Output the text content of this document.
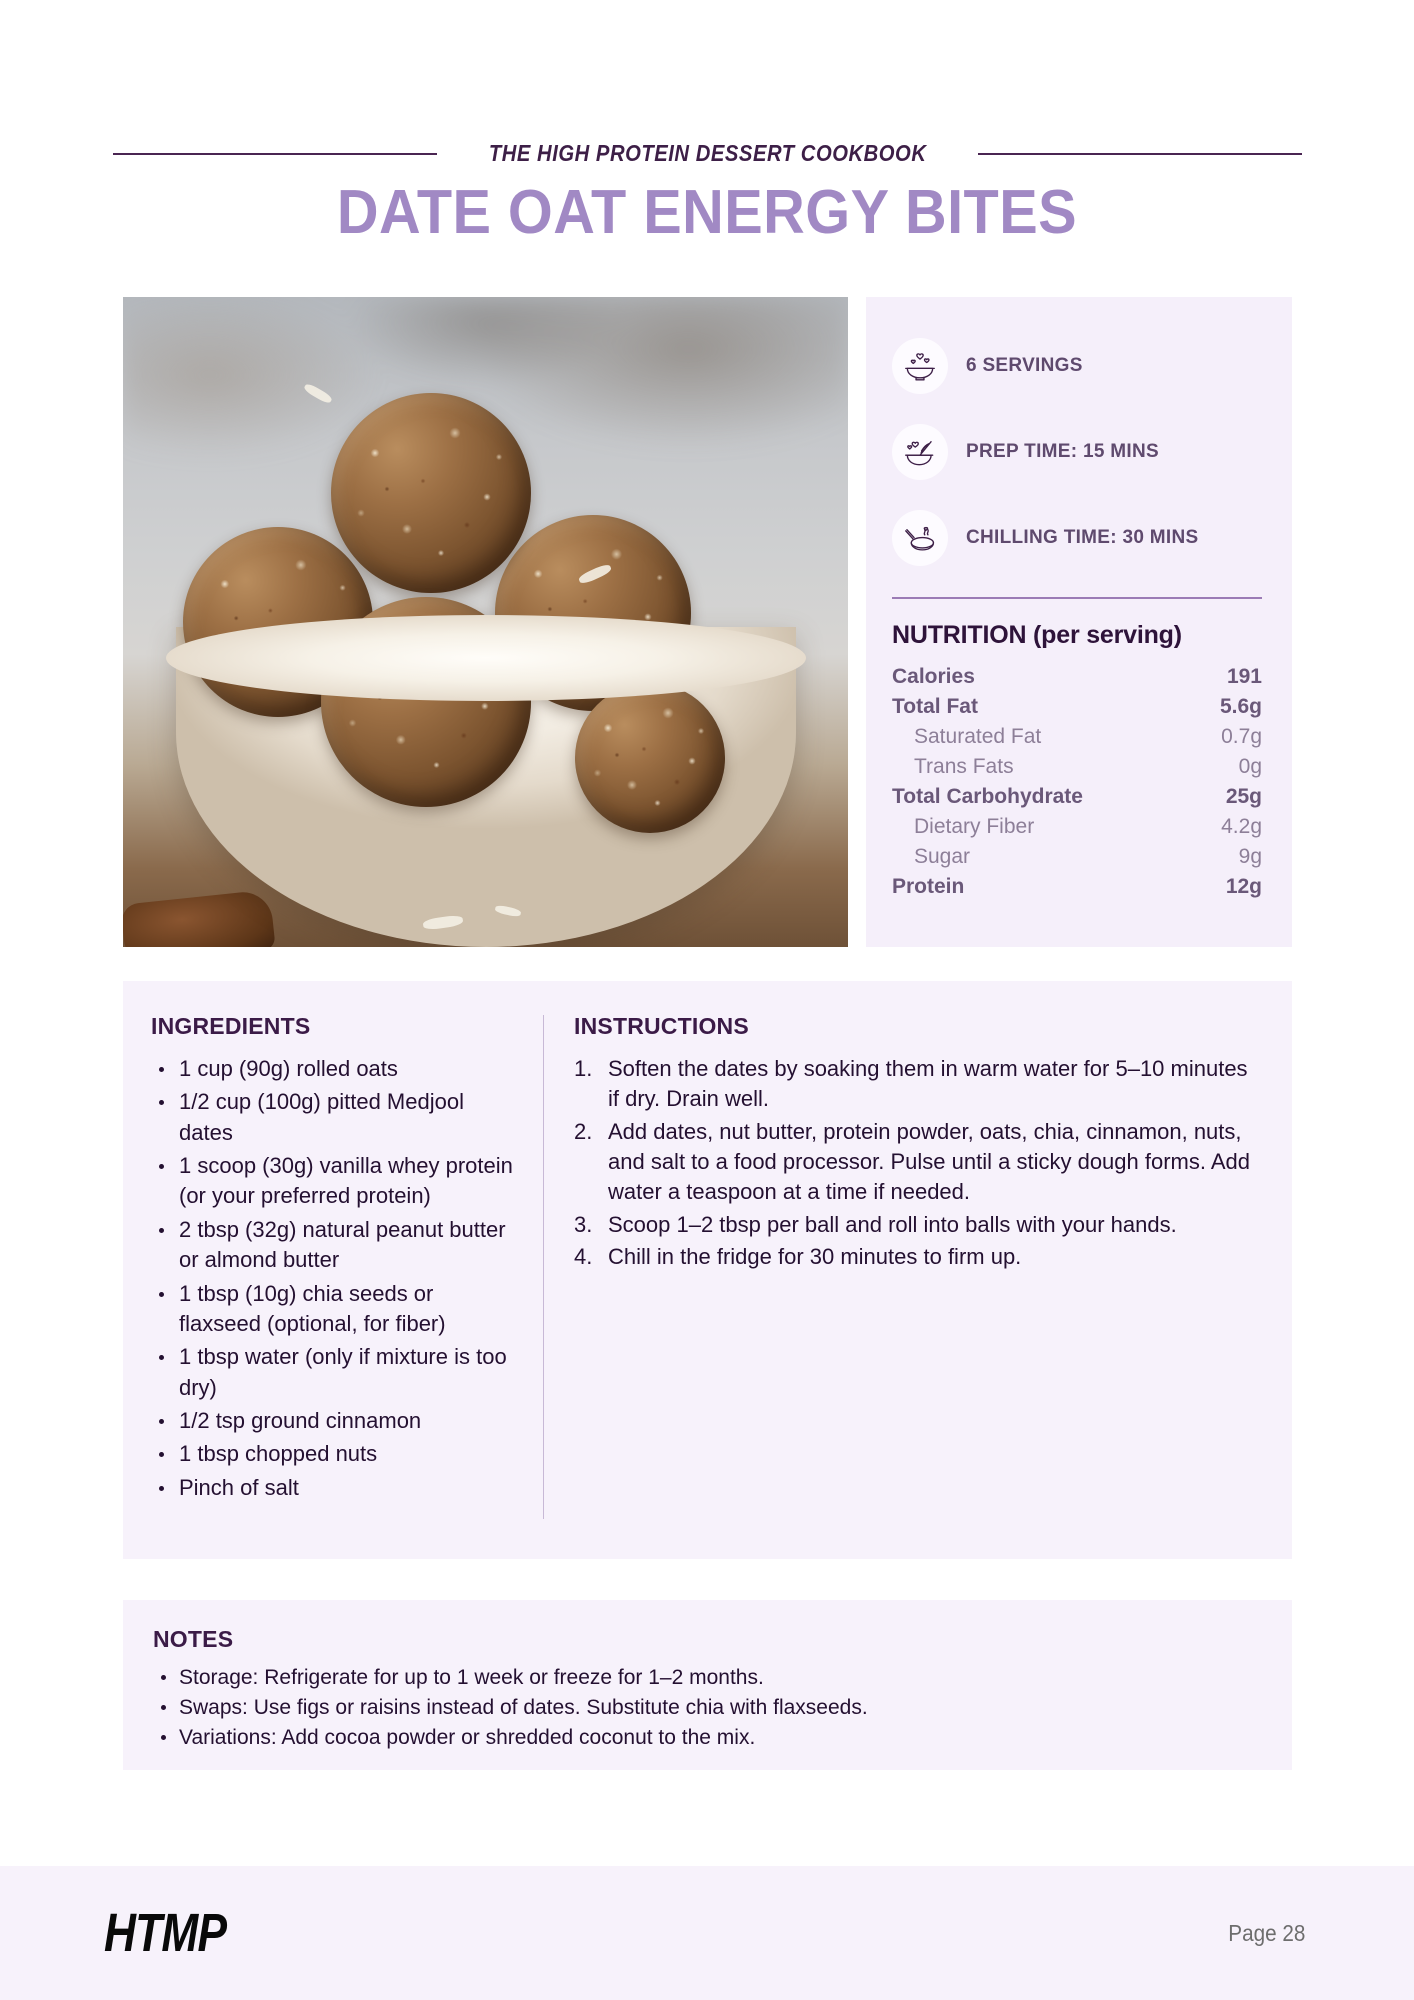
THE HIGH PROTEIN DESSERT COOKBOOK
DATE OAT ENERGY BITES
6 SERVINGS
PREP TIME: 15 MINS
CHILLING TIME: 30 MINS
NUTRITION (per serving)
Calories	191
Total Fat	5.6g
Saturated Fat	0.7g
Trans Fats	0g
Total Carbohydrate	25g
Dietary Fiber	4.2g
Sugar	9g
Protein	12g
INGREDIENTS
1 cup (90g) rolled oats
1/2 cup (100g) pitted Medjool dates
1 scoop (30g) vanilla whey protein (or your preferred protein)
2 tbsp (32g) natural peanut butter or almond butter
1 tbsp (10g) chia seeds or flaxseed (optional, for fiber)
1 tbsp water (only if mixture is too dry)
1/2 tsp ground cinnamon
1 tbsp chopped nuts
Pinch of salt
INSTRUCTIONS
Soften the dates by soaking them in warm water for 5–10 minutes if dry. Drain well.
Add dates, nut butter, protein powder, oats, chia, cinnamon, nuts, and salt to a food processor. Pulse until a sticky dough forms. Add water a teaspoon at a time if needed.
Scoop 1–2 tbsp per ball and roll into balls with your hands.
Chill in the fridge for 30 minutes to firm up.
NOTES
Storage: Refrigerate for up to 1 week or freeze for 1–2 months.
Swaps: Use figs or raisins instead of dates. Substitute chia with flaxseeds.
Variations: Add cocoa powder or shredded coconut to the mix.
HTMP	Page 28
